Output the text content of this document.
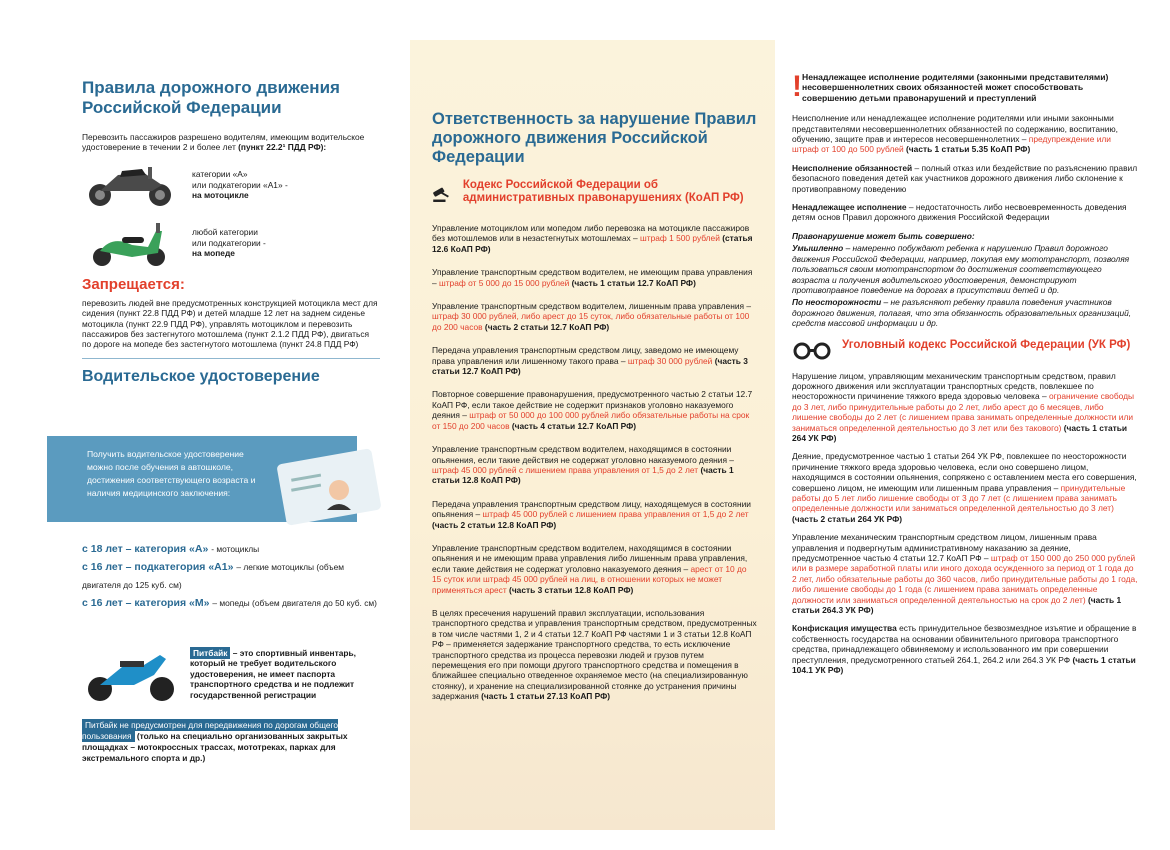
Правила дорожного движения Российской Федерации

Перевозить пассажиров разрешено водителям, имеющим водительское удостоверение в течении 2 и более лет (пункт 22.2¹ ПДД РФ):

категории «А»
или подкатегории «А1» -
на мотоцикле
любой категории
или подкатегории -
на мопеде
Запрещается:

перевозить людей вне предусмотренных конструкцией мотоцикла мест для сидения (пункт 22.8 ПДД РФ) и детей младше 12 лет на заднем сиденье мотоцикла (пункт 22.9 ПДД РФ), управлять мотоциклом и перевозить пассажиров без застегнутого мотошлема (пункт 2.1.2 ПДД РФ), двигаться по дороге на мопеде без застегнутого мотошлема (пункт 24.8 ПДД РФ)

Водительское удостоверение
Получить водительское удостоверение можно после обучения в автошколе, достижения соответствующего возраста и наличия медицинского заключения:
с 18 лет – категория «А» - мотоциклы
с 16 лет – подкатегория «А1» – легкие мотоциклы (объем двигателя до 125 куб. см)
с 16 лет – категория «М» – мопеды (объем двигателя до 50 куб. см)
Питбайк – это спортивный инвентарь, который не требует водительского удостоверения, не имеет паспорта транспортного средства и не подлежит государственной регистрации
Питбайк не предусмотрен для передвижения по дорогам общего пользования (только на специально организованных закрытых площадках – мотокроссных трассах, мототреках, парках для экстремального спорта и др.)
Ответственность за нарушение Правил дорожного движения Российской Федерации
Кодекс Российской Федерации об административных правонарушениях (КоАП РФ)

Управление мотоциклом или мопедом либо перевозка на мотоцикле пассажиров без мотошлемов или в незастегнутых мотошлемах – штраф 1 500 рублей (статья 12.6 КоАП РФ)

Управление транспортным средством водителем, не имеющим права управления – штраф от 5 000 до 15 000 рублей (часть 1 статьи 12.7 КоАП РФ)

Управление транспортным средством водителем, лишенным права управления – штраф 30 000 рублей, либо арест до 15 суток, либо обязательные работы от 100 до 200 часов (часть 2 статьи 12.7 КоАП РФ)

Передача управления транспортным средством лицу, заведомо не имеющему права управления или лишенному такого права – штраф 30 000 рублей (часть 3 статьи 12.7 КоАП РФ)

Повторное совершение правонарушения, предусмотренного частью 2 статьи 12.7 КоАП РФ, если такое действие не содержит признаков уголовно наказуемого деяния – штраф от 50 000 до 100 000 рублей либо обязательные работы на срок от 150 до 200 часов (часть 4 статьи 12.7 КоАП РФ)

Управление транспортным средством водителем, находящимся в состоянии опьянения, если такие действия не содержат уголовно наказуемого деяния – штраф 45 000 рублей с лишением права управления от 1,5 до 2 лет (часть 1 статьи 12.8 КоАП РФ)

Передача управления транспортным средством лицу, находящемуся в состоянии опьянения – штраф 45 000 рублей с лишением права управления от 1,5 до 2 лет (часть 2 статьи 12.8 КоАП РФ)

Управление транспортным средством водителем, находящимся в состоянии опьянения и не имеющим права управления либо лишенным права управления, если такие действия не содержат уголовно наказуемого деяния – арест от 10 до 15 суток или штраф 45 000 рублей на лиц, в отношении которых не может применяться арест (часть 3 статьи 12.8 КоАП РФ)

В целях пресечения нарушений правил эксплуатации, использования транспортного средства и управления транспортным средством, предусмотренных в том числе частями 1, 2 и 4 статьи 12.7 КоАП РФ частями 1 и 3 статьи 12.8 КоАП РФ – применяется задержание транспортного средства, то есть исключение транспортного средства из процесса перевозки людей и грузов путем перемещения его при помощи другого транспортного средства и помещения в ближайшее специально отведенное охраняемое место (на специализированную стоянку), и хранение на специализированной стоянке до устранения причины задержания (часть 1 статьи 27.13 КоАП РФ)

! Ненадлежащее исполнение родителями (законными представителями) несовершеннолетних своих обязанностей может способствовать совершению детьми правонарушений и преступлений

Неисполнение или ненадлежащее исполнение родителями или иными законными представителями несовершеннолетних обязанностей по содержанию, воспитанию, обучению, защите прав и интересов несовершеннолетних – предупреждение или штраф от 100 до 500 рублей (часть 1 статьи 5.35 КоАП РФ)

Неисполнение обязанностей – полный отказ или бездействие по разъяснению правил безопасного поведения детей как участников дорожного движения либо склонение к противоправному поведению

Ненадлежащее исполнение – недостаточность либо несвоевременность доведения детям основ Правил дорожного движения Российской Федерации

Правонарушение может быть совершено:

Умышленно – намеренно побуждают ребенка к нарушению Правил дорожного движения Российской Федерации, например, покупая ему мототранспорт, позволяя пользоваться своим мототранспортом до достижения соответствующего возраста и получения водительского удостоверения, демонстрируют противоправное поведение на дорогах в присутствии детей и др.

По неосторожности – не разъясняют ребенку правила поведения участников дорожного движения, полагая, что эта обязанность образовательных организаций, средств массовой информации и др.

Уголовный кодекс Российской Федерации (УК РФ)

Нарушение лицом, управляющим механическим транспортным средством, правил дорожного движения или эксплуатации транспортных средств, повлекшее по неосторожности причинение тяжкого вреда здоровью человека – ограничение свободы до 3 лет, либо принудительные работы до 2 лет, либо арест до 6 месяцев, либо лишение свободы до 2 лет (с лишением права занимать определенные должности или заниматься определенной деятельностью до 3 лет или без такового) (часть 1 статьи 264 УК РФ)

Деяние, предусмотренное частью 1 статьи 264 УК РФ, повлекшее по неосторожности причинение тяжкого вреда здоровью человека, если оно совершено лицом, находящимся в состоянии опьянения, сопряжено с оставлением места его совершения, совершено лицом, не имеющим или лишенным права управления – принудительные работы до 5 лет либо лишение свободы от 3 до 7 лет (с лишением права занимать определенные должности или заниматься определенной деятельностью до 3 лет) (часть 2 статьи 264 УК РФ)

Управление механическим транспортным средством лицом, лишенным права управления и подвергнутым административному наказанию за деяние, предусмотренное частью 4 статьи 12.7 КоАП РФ – штраф от 150 000 до 250 000 рублей или в размере заработной платы или иного дохода осужденного за период от 1 года до 2 лет, либо обязательные работы до 360 часов, либо принудительные работы до 1 года, либо лишение свободы до 1 года (с лишением права занимать определенные должности или заниматься определенной деятельностью на срок до 2 лет) (часть 1 статьи 264.3 УК РФ)

Конфискация имущества есть принудительное безвозмездное изъятие и обращение в собственность государства на основании обвинительного приговора транспортного средства, принадлежащего обвиняемому и использованного им при совершении преступления, предусмотренного статьей 264.1, 264.2 или 264.3 УК РФ (часть 1 статьи 104.1 УК РФ)
